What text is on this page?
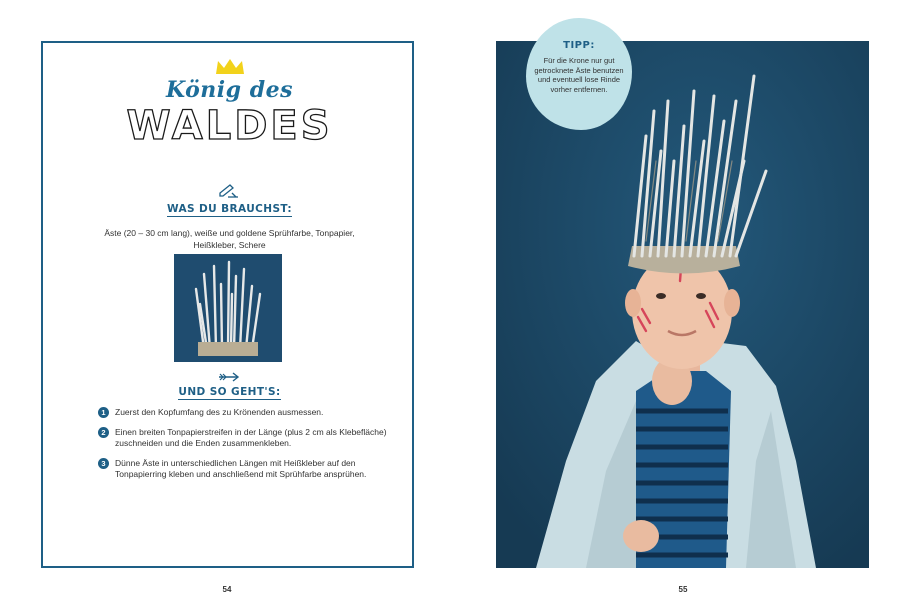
König des
WALDES
WAS DU BRAUCHST:
Äste (20 – 30 cm lang), weiße und goldene Sprühfarbe, Tonpapier, Heißkleber, Schere
UND SO GEHT'S:
1	Zuerst den Kopfumfang des zu Krönenden ausmessen.
2	Einen breiten Tonpapierstreifen in der Länge (plus 2 cm als Klebefläche) zuschneiden und die Enden zusammenkleben.
3	Dünne Äste in unterschiedlichen Längen mit Heißkleber auf den Tonpapierring kleben und anschließend mit Sprühfarbe ansprühen.
54
TIPP:
Für die Krone nur gut getrocknete Äste benutzen und eventuell lose Rinde vorher entfernen.
55
